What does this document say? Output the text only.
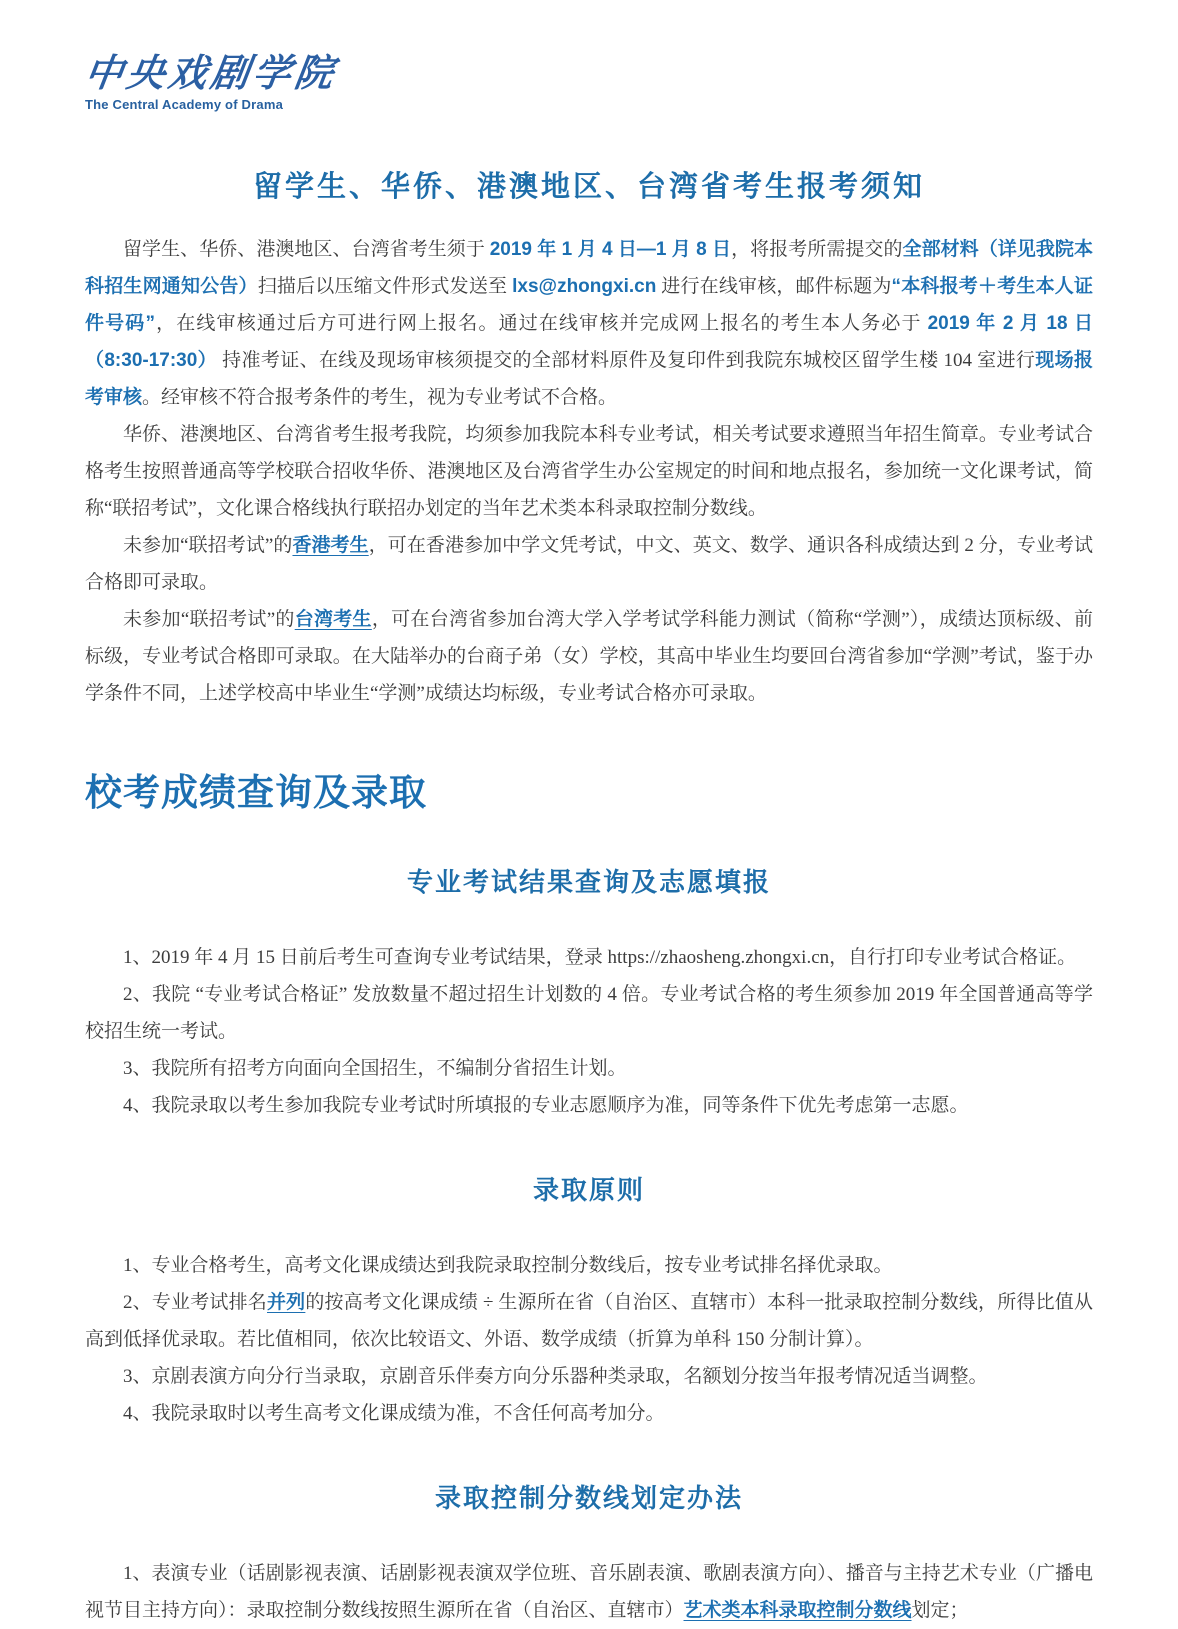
中央戏剧学院
The Central Academy of Drama
留学生、华侨、港澳地区、台湾省考生报考须知

留学生、华侨、港澳地区、台湾省考生须于 2019 年 1 月 4 日—1 月 8 日，将报考所需提交的全部材料（详见我院本科招生网通知公告）扫描后以压缩文件形式发送至 lxs@zhongxi.cn 进行在线审核，邮件标题为“本科报考＋考生本人证件号码”，在线审核通过后方可进行网上报名。通过在线审核并完成网上报名的考生本人务必于 2019 年 2 月 18 日（8:30-17:30） 持准考证、在线及现场审核须提交的全部材料原件及复印件到我院东城校区留学生楼 104 室进行现场报考审核。经审核不符合报考条件的考生，视为专业考试不合格。

华侨、港澳地区、台湾省考生报考我院，均须参加我院本科专业考试，相关考试要求遵照当年招生简章。专业考试合格考生按照普通高等学校联合招收华侨、港澳地区及台湾省学生办公室规定的时间和地点报名，参加统一文化课考试，简称“联招考试”，文化课合格线执行联招办划定的当年艺术类本科录取控制分数线。

未参加“联招考试”的香港考生，可在香港参加中学文凭考试，中文、英文、数学、通识各科成绩达到 2 分，专业考试合格即可录取。

未参加“联招考试”的台湾考生，可在台湾省参加台湾大学入学考试学科能力测试（简称“学测”），成绩达顶标级、前标级，专业考试合格即可录取。在大陆举办的台商子弟（女）学校，其高中毕业生均要回台湾省参加“学测”考试，鉴于办学条件不同，上述学校高中毕业生“学测”成绩达均标级，专业考试合格亦可录取。

校考成绩查询及录取
专业考试结果查询及志愿填报

1、2019 年 4 月 15 日前后考生可查询专业考试结果，登录 https://zhaosheng.zhongxi.cn，自行打印专业考试合格证。

2、我院 “专业考试合格证” 发放数量不超过招生计划数的 4 倍。专业考试合格的考生须参加 2019 年全国普通高等学校招生统一考试。

3、我院所有招考方向面向全国招生，不编制分省招生计划。

4、我院录取以考生参加我院专业考试时所填报的专业志愿顺序为准，同等条件下优先考虑第一志愿。

录取原则

1、专业合格考生，高考文化课成绩达到我院录取控制分数线后，按专业考试排名择优录取。

2、专业考试排名并列的按高考文化课成绩 ÷ 生源所在省（自治区、直辖市）本科一批录取控制分数线，所得比值从高到低择优录取。若比值相同，依次比较语文、外语、数学成绩（折算为单科 150 分制计算）。

3、京剧表演方向分行当录取，京剧音乐伴奏方向分乐器种类录取，名额划分按当年报考情况适当调整。

4、我院录取时以考生高考文化课成绩为准，不含任何高考加分。

录取控制分数线划定办法

1、表演专业（话剧影视表演、话剧影视表演双学位班、音乐剧表演、歌剧表演方向）、播音与主持艺术专业（广播电视节目主持方向）：录取控制分数线按照生源所在省（自治区、直辖市）艺术类本科录取控制分数线划定；
